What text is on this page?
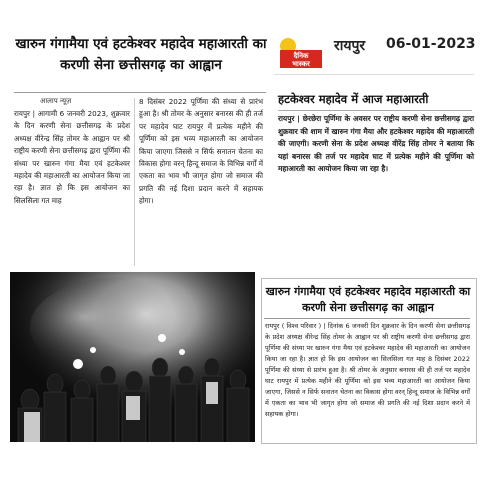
खारुन गंगामैया एवं हटकेश्वर महादेव महाआरती का करणी सेना छत्तीसगढ़ का आह्वान
आलाप न्यूज़
रायपुर | आगामी 6 जनवरी 2023, शुक्रवार के दिन करणी सेना छत्तीसगढ़ के प्रदेश अध्यक्ष वीरेन्द्र सिंह तोमर के आह्वान पर श्री राष्ट्रीय करणी सेना छत्तीसगढ़ द्वारा पूर्णिमा की संध्या पर खारुन गंगा मैया एवं हटकेश्वर महादेव की महाआरती का आयोजन किया जा रहा है। ज्ञात हो कि इस आयोजन का सिलसिला गत माह
8 दिसंबर 2022 पूर्णिमा की संध्या से प्रारंभ हुआ है। श्री तोमर के अनुसार बनारस की ही तर्ज पर महादेव घाट रायपुर में प्रत्येक महीने की पूर्णिमा को इस भव्य महाआरती का आयोजन किया जाएगा जिससे न सिर्फ सनातन चेतना का विकास होगा वरन् हिन्दू समाज के विभिन्न वर्गों में एकता का भाव भी जागृत होगा जो समाज की प्रगति की नई दिशा प्रदान करने में सहायक होगा।
दैनिक
भास्कर
रायपुर 06-01-2023
हटकेश्वर महादेव में आज महाआरती
रायपुर | छेरछेरा पूर्णिमा के अवसर पर राष्ट्रीय करणी सेना छत्तीसगढ़ द्वारा शुक्रवार की शाम में खारुन गंगा मैया और हटकेश्वर महादेव की महाआरती की जाएगी। करणी सेना के प्रदेश अध्यक्ष वीरेंद्र सिंह तोमर ने बताया कि यहां बनारस की तर्ज पर महादेव घाट में प्रत्येक महीने की पूर्णिमा को महाआरती का आयोजन किया जा रहा है।
खारुन गंगामैया एवं हटकेश्वर महादेव महाआरती का करणी सेना छत्तीसगढ़ का आह्वान
रायपुर ( विश्व परिवार ) | दिनांक 6 जनवरी दिन शुक्रवार के दिन करणी सेना छत्तीसगढ़ के प्रदेश अध्यक्ष वीरेन्द्र सिंह तोमर के आह्वान पर श्री राष्ट्रीय करणी सेना छत्तीसगढ़ द्वारा पूर्णिमा की संध्या पर खारुन गंगा मैया एवं हटकेश्वर महादेव की महाआरती का आयोजन किया जा रहा है। ज्ञात हो कि इस आयोजन का सिलसिला गत माह 8 दिसंबर 2022 पूर्णिमा की संध्या से प्रारंभ हुआ है। श्री तोमर के अनुसार बनारस की ही तर्ज पर महादेव घाट रायपुर में प्रत्येक महीने की पूर्णिमा को इस भव्य महाआरती का आयोजन किया जाएगा, जिससे न सिर्फ सनातन चेतना का विकास होगा वरन् हिन्दू समाज के विभिन्न वर्गों में एकता का भाव भी जागृत होगा जो समाज की प्रगति की नई दिशा प्रदान करने में सहायक होगा।
